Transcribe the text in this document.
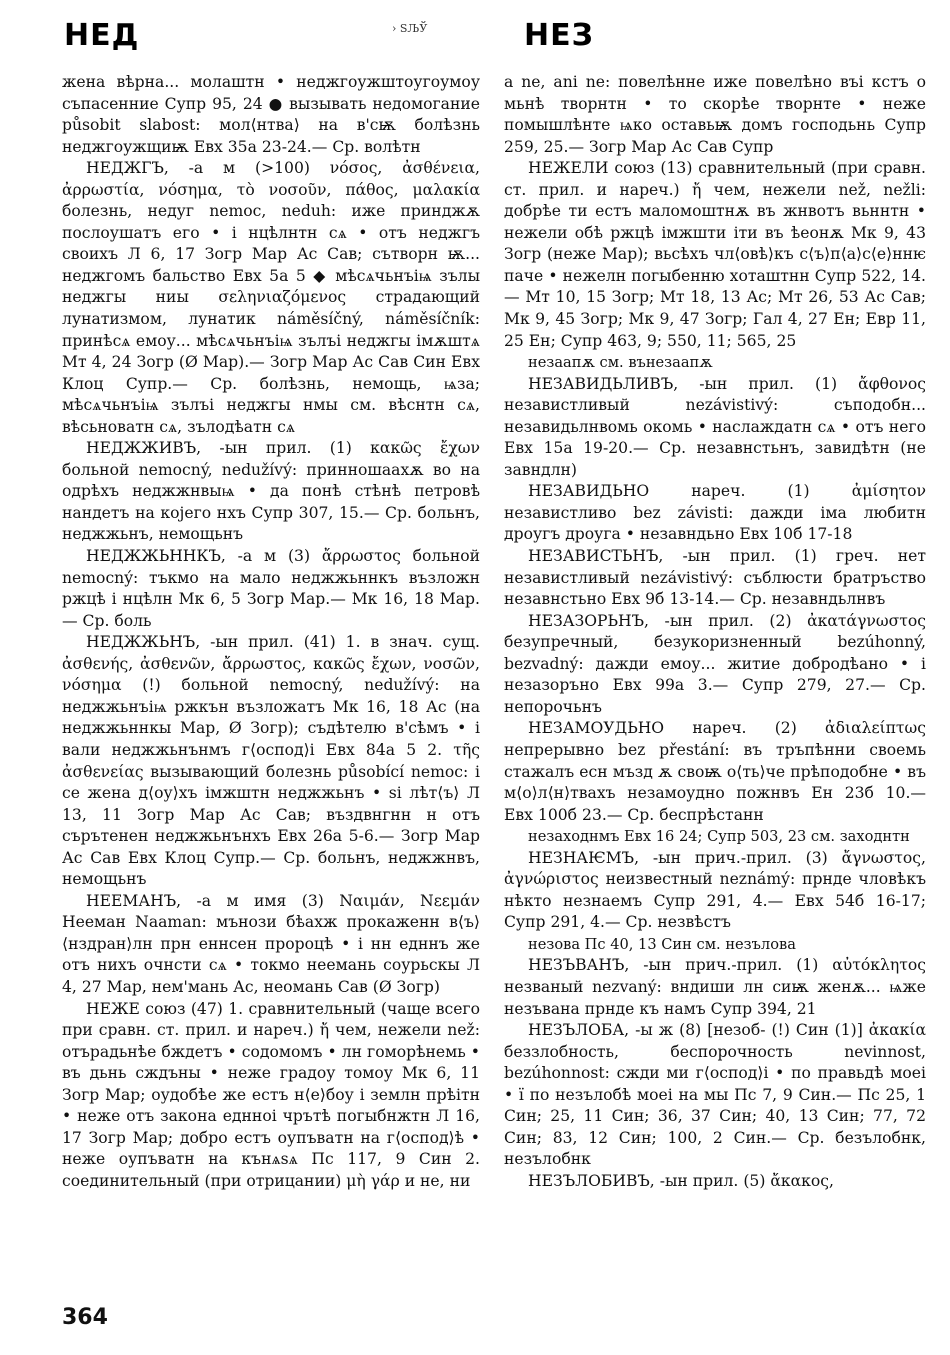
НЕД	› ЅЉЎ	НЕЗ

жена вѣрна... молаштн • неджгоужштоугоумоу съпасенние Супр 95, 24 ● вызывать недомогание působit slabost: мол⟨нтва⟩ на в'сѭ болѣзнь неджгоужщиѭ Евх 35а 23-24.— Ср. волѣтн

НЕДЖГЪ, -а м (>100) νόσος, ἀσθένεια, ἀρρωστία, νόσημα, τὸ νοσοῦν, πάθος, μαλακία болезнь, недуг nemoc, neduh: иже принджѫ послоушатъ его • і нцѣлнтн сѧ • отъ неджгъ своихъ Л 6, 17 Зогр Мар Ас Сав; сътворн ѭ... неджгомъ бальство Евх 5а 5 ◆ мѣсѧчьнъіѩ зълы неджгы ниы σεληνιαζόμενος страдающий лунатизмом, лунатик náměsíčný, náměsíčník: принѣсѧ емоу... мѣсѧчьнъіѩ зълъі неджгы імѫштѧ Мт 4, 24 Зогр (Ø Мар).— Зогр Мар Ас Сав Син Евх Клоц Супр.— Ср. болѣзнь, немощь, ѩза; мѣсѧчьнъіѩ зълъі неджгы нмы см. вѣснтн сѧ, вѣсьноватн сѧ, зълодѣатн сѧ

НЕДЖЖИВЪ, -ын прил. (1) κακῶς ἔχων больной nemocný, nedužívý: принношаахѫ во на одрѣхъ неджжнвыѩ • да понѣ стѣнѣ петровѣ нандетъ на којего нхъ Супр 307, 15.— Ср. больнъ, неджжьнъ, немощьнъ

НЕДЖЖЬННКЪ, -а м (3) ἄρρωστος больной nemocný: тъкмо на мало неджжьннкъ възложн ржцѣ і нцѣлн Мк 6, 5 Зогр Мар.— Мк 16, 18 Мар.— Ср. боль

НЕДЖЖЬНЪ, -ын прил. (41) 1. в знач. сущ. ἀσθενής, ἀσθενῶν, ἄρρωστος, κακῶς ἔχων, νοσῶν, νόσημα (!) больной nemocný, nedužívý: на неджжьнъіѩ ржкън възложатъ Мк 16, 18 Ас (на неджжьннкы Мар, Ø Зогр); съдѣтелю в'сѣмъ • і вали неджжьнънмъ г⟨оспод⟩і Евх 84а 5 2. τῆς ἀσθενείας вызывающий болезнь působící nemoc: і се жена д⟨оу⟩хъ імжштн неджжьнъ • ѕі лѣт⟨ъ⟩ Л 13, 11 Зогр Мар Ас Сав; въздвнгнн н отъ сърътенен неджжьнънхъ Евх 26а 5-6.— Зогр Мар Ас Сав Евх Клоц Супр.— Ср. больнъ, неджжнвъ, немощьнъ

НЕЕМАНЪ, -а м имя (3) Ναιμάν, Νεεμάν Неемaн Naaman: мънози бѣахж прокаженн в⟨ъ⟩ ⟨нздран⟩лн прн еннсен пророцѣ • і нн едннъ же отъ нихъ очнсти сѧ • токмо неемань соурьскы Л 4, 27 Мар, нем'мань Ас, неомань Сав (Ø Зогр)

НЕЖЕ союз (47) 1. сравнительный (чаще всего при сравн. ст. прил. и нареч.) ἤ чем, нежели než: отърадьнѣе бждетъ • содомомъ • лн гоморѣнемь • въ дьнь сждъны • неже градоу томоу Мк 6, 11 Зогр Мар; оудобѣе же естъ н⟨е⟩боу і землн прѣітн • неже отъ закона еднноі чрътѣ погыбнжтн Л 16, 17 Зогр Мар; добро естъ оупъватн на г⟨оспод⟩ѣ • неже оупъватн на кънѧѕѧ Пс 117, 9 Син 2. соединительный (при отрицании) μὴ γάρ и не, ни

a ne, ani ne: повелѣнне иже повелѣно въі кстъ о мьнѣ творнтн • то скорѣе творнте • неже помышлѣнте ѩко оставьѭ домъ господьнь Супр 259, 25.— Зогр Мар Ас Сав Супр

НЕЖЕЛИ союз (13) сравнительный (при сравн. ст. прил. и нареч.) ἤ чем, нежели než, nežli: добрѣе ти естъ маломоштнѫ въ жнвотъ вьннтн • нежели обѣ ржцѣ імжшти іти въ ѣеонѫ Мк 9, 43 Зогр (неже Мар); вьсѣхъ чл⟨овѣ⟩къ с⟨ъ⟩п⟨а⟩с⟨е⟩ннѥ паче • нежелн погыбенню хоташтнн Супр 522, 14.— Мт 10, 15 Зогр; Мт 18, 13 Ас; Мт 26, 53 Ас Сав; Мк 9, 45 Зогр; Мк 9, 47 Зогр; Гал 4, 27 Ен; Евр 11, 25 Ен; Супр 463, 9; 550, 11; 565, 25

незаапѫ см. вънезаапѫ

НЕЗАВИДЬЛИВЪ, -ын прил. (1) ἄφθονος независтливый nezávistivý: съподобн... незавидьлнвомь окомь • наслаждатн сѧ • отъ него Евх 15а 19-20.— Ср. незавнстьнъ, завидѣтн (не завндлн)

НЕЗАВИДЬНО нареч. (1) ἀμίσητον независтливо bez závisti: дажди імa любитн дроугъ дроуга • незавндьно Евх 10б 17-18

НЕЗАВИСТЬНЪ, -ын прил. (1) греч. нет независтливый nezávistivý: съблюсти братръство незавнстьно Евх 9б 13-14.— Ср. незавндьлнвъ

НЕЗАЗОРЬНЪ, -ын прил. (2) ἀκατάγνωστος безупречный, безукоризненный bezúhonný, bezvadný: дажди емоу... житие добродѣано • і незазоръно Евх 99а 3.— Супр 279, 27.— Ср. непорочьнъ

НЕЗАМОУДЬНО нареч. (2) ἀδιαλείπτως непрерывно bez přestání: въ тръпѣнни своемь стажалъ есн мъзд ѫ своѭ о⟨ть⟩че прѣподобне • въ м⟨о⟩л⟨н⟩твахъ незамоудно пожнвъ Ен 23б 10.— Евх 100б 23.— Ср. беспрѣстанн

незаходнмъ Евх 16 24; Супр 503, 23 см. заходнтн

НЕЗНАѤМЪ, -ын прич.-прил. (3) ἄγνωστος, ἀγνώριστος неизвестный neznámý: прнде чловѣкъ нѣкто незнаемъ Супр 291, 4.— Евх 54б 16-17; Супр 291, 4.— Ср. незвѣстъ

незова Пс 40, 13 Син см. незълова

НЕЗЪВАНЪ, -ын прич.-прил. (1) αὐτόκλητος незваный nezvaný: вндиши лн сиѭ женѫ... ѩже незъвана прнде къ намъ Супр 394, 21

НЕЗЪЛОБА, -ы ж (8) [незоб- (!) Син (1)] ἀκακία беззлобность, беспорочность nevinnost, bezúhonnost: сжди ми г⟨оспод⟩і • по правьдѣ моеі • ї по незълобѣ моеі на мы Пс 7, 9 Син.— Пс 25, 1 Син; 25, 11 Син; 36, 37 Син; 40, 13 Син; 77, 72 Син; 83, 12 Син; 100, 2 Син.— Ср. безълобнк, незълобнк

НЕЗЪЛОБИВЪ, -ын прил. (5) ἄκακος,

364
